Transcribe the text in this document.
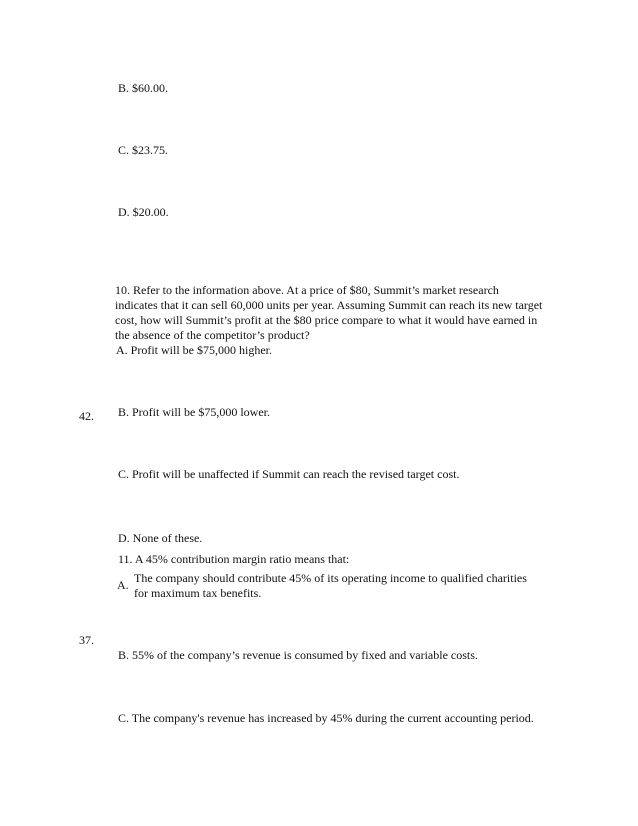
B. $60.00.
C. $23.75.
D. $20.00.
10. Refer to the information above. At a price of $80, Summit’s market research
indicates that it can sell 60,000 units per year. Assuming Summit can reach its new target
cost, how will Summit’s profit at the $80 price compare to what it would have earned in
the absence of the competitor’s product?
A. Profit will be $75,000 higher.
42. B. Profit will be $75,000 lower.
C. Profit will be unaffected if Summit can reach the revised target cost.
D. None of these.
11. A 45% contribution margin ratio means that:
A. The company should contribute 45% of its operating income to qualified charities
for maximum tax benefits.
37.
B. 55% of the company’s revenue is consumed by fixed and variable costs.
C. The company's revenue has increased by 45% during the current accounting period.
